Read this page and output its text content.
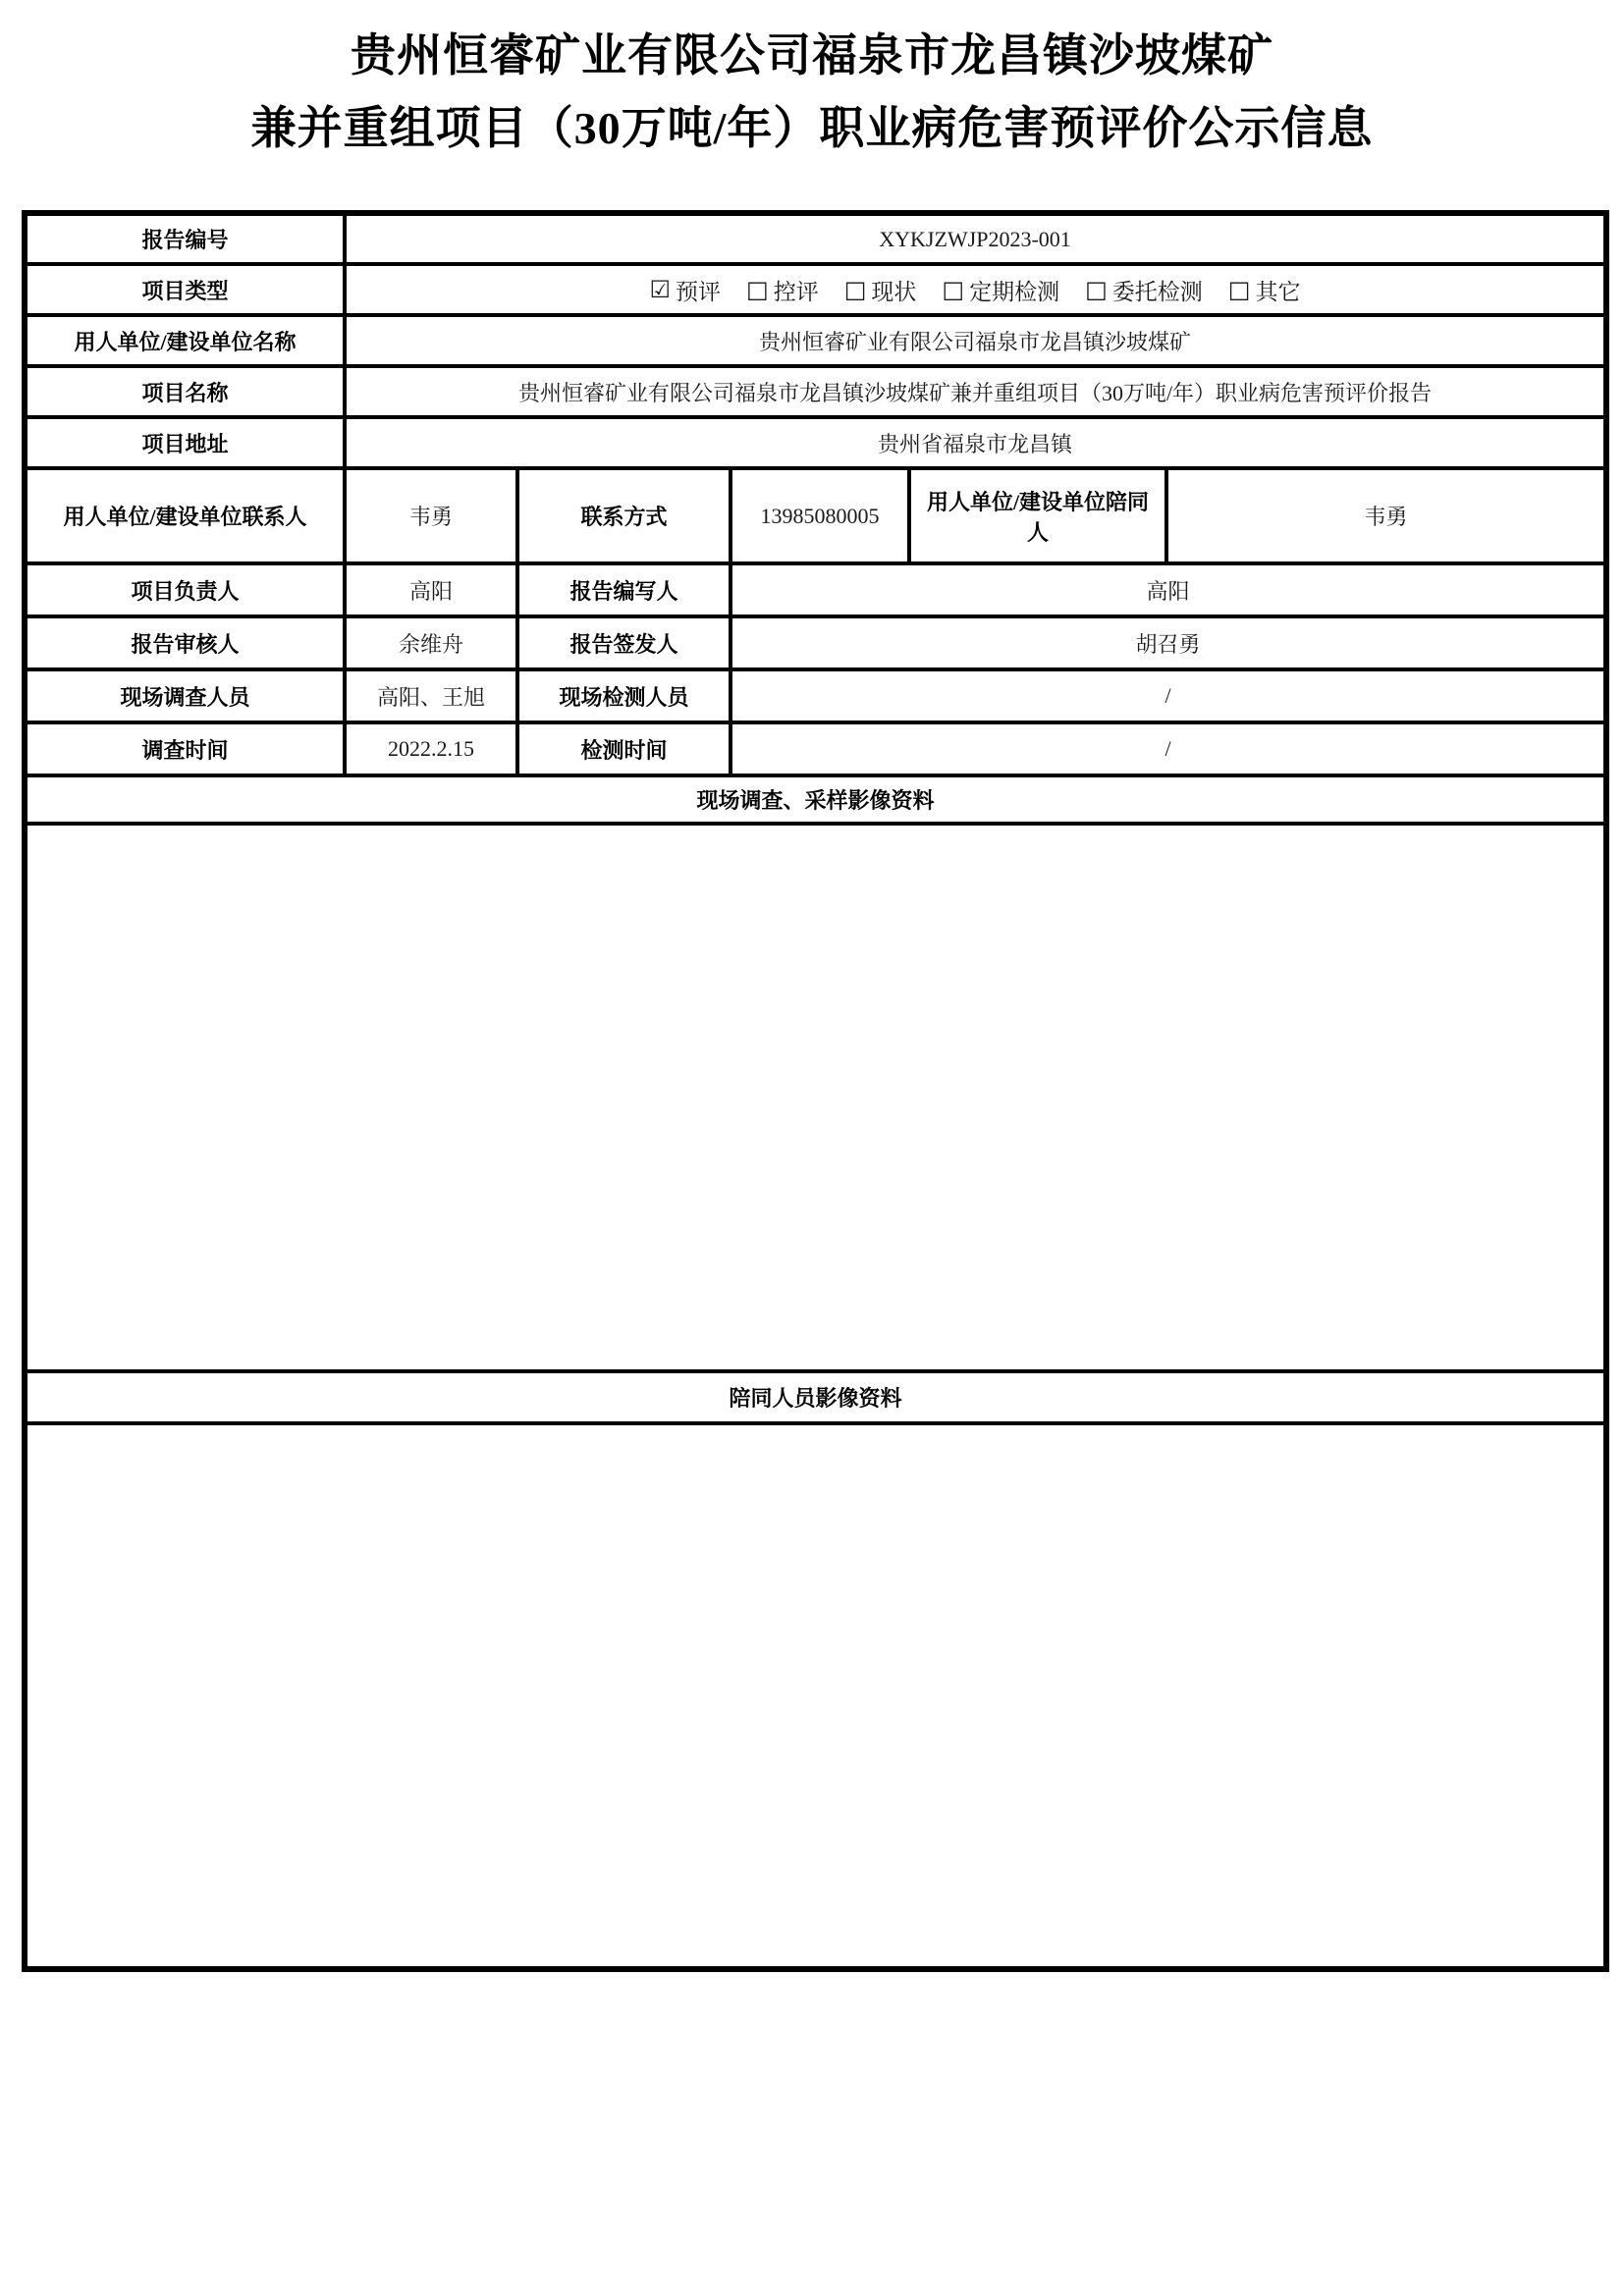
贵州恒睿矿业有限公司福泉市龙昌镇沙坡煤矿
兼并重组项目（30万吨/年）职业病危害预评价公示信息
报告编号	XYKJZWJP2023-001				
项目类型	☑ 预评 □ 控评 □ 现状 □ 定期检测 □ 委托检测 □ 其它

用人单位/建设单位名称	贵州恒睿矿业有限公司福泉市龙昌镇沙坡煤矿				
项目名称	贵州恒睿矿业有限公司福泉市龙昌镇沙坡煤矿兼并重组项目（30万吨/年）职业病危害预评价报告				
项目地址	贵州省福泉市龙昌镇				
用人单位/建设单位联系人	韦勇	联系方式	13985080005	用人单位/建设单位陪同人	韦勇
项目负责人	高阳	报告编写人	高阳		
报告审核人	余维舟	报告签发人	胡召勇		
现场调查人员	高阳、王旭	现场检测人员	/		
调查时间	2022.2.15	检测时间	/		
现场调查、采样影像资料					

陪同人员影像资料					
